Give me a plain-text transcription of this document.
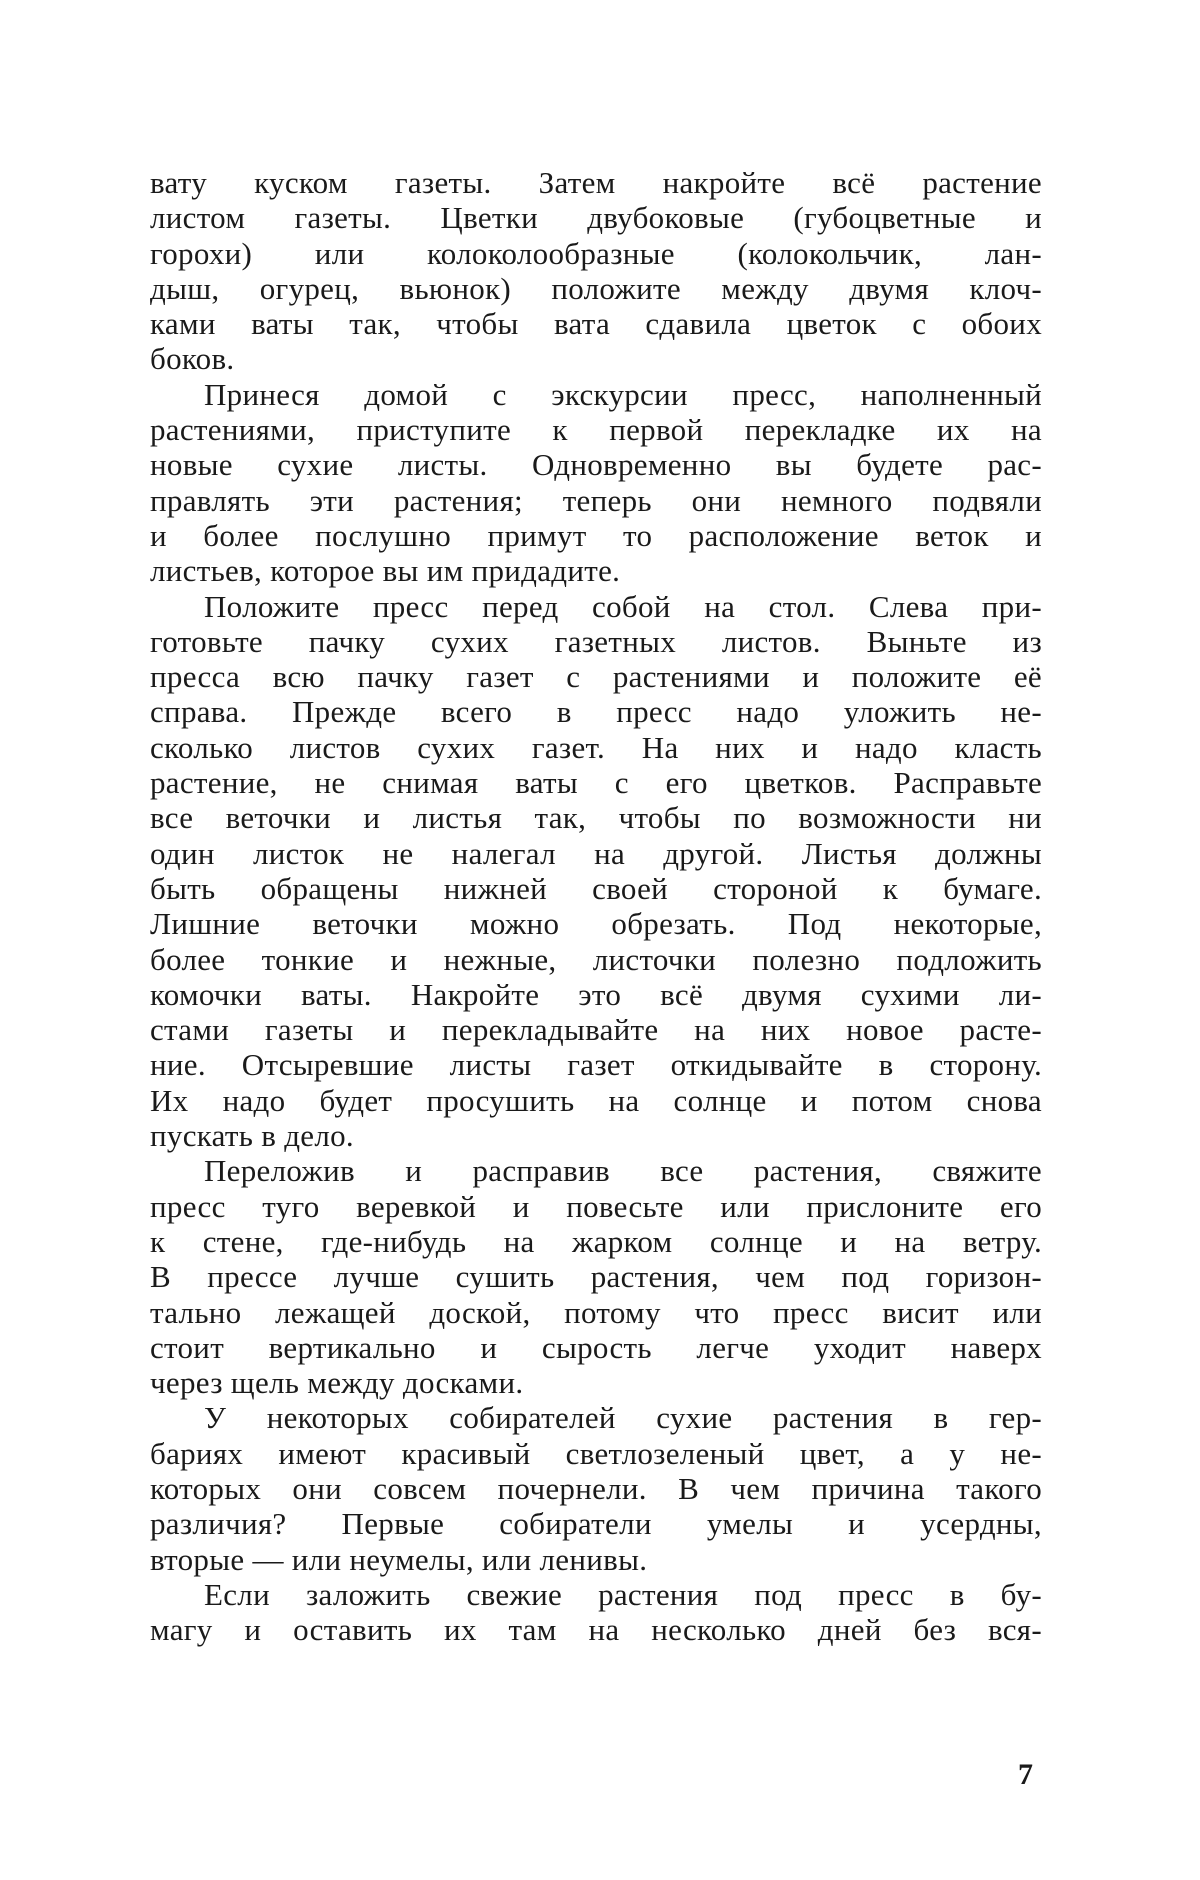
вату куском газеты. Затем накройте всё растение
листом газеты. Цветки двубоковые (губоцветные и
горохи) или колоколообразные (колокольчик, лан-
дыш, огурец, вьюнок) положите между двумя клоч-
ками ваты так, чтобы вата сдавила цветок с обоих
боков.
Принеся домой с экскурсии пресс, наполненный
растениями, приступите к первой перекладке их на
новые сухие листы. Одновременно вы будете рас-
правлять эти растения; теперь они немного подвяли
и более послушно примут то расположение веток и
листьев, которое вы им придадите.
Положите пресс перед собой на стол. Слева при-
готовьте пачку сухих газетных листов. Выньте из
пресса всю пачку газет с растениями и положите её
справа. Прежде всего в пресс надо уложить не-
сколько листов сухих газет. На них и надо класть
растение, не снимая ваты с его цветков. Расправьте
все веточки и листья так, чтобы по возможности ни
один листок не налегал на другой. Листья должны
быть обращены нижней своей стороной к бумаге.
Лишние веточки можно обрезать. Под некоторые,
более тонкие и нежные, листочки полезно подложить
комочки ваты. Накройте это всё двумя сухими ли-
стами газеты и перекладывайте на них новое расте-
ние. Отсыревшие листы газет откидывайте в сторону.
Их надо будет просушить на солнце и потом снова
пускать в дело.
Переложив и расправив все растения, свяжите
пресс туго веревкой и повесьте или прислоните его
к стене, где-нибудь на жарком солнце и на ветру.
В прессе лучше сушить растения, чем под горизон-
тально лежащей доской, потому что пресс висит или
стоит вертикально и сырость легче уходит наверх
через щель между досками.
У некоторых собирателей сухие растения в гер-
бариях имеют красивый светлозеленый цвет, а у не-
которых они совсем почернели. В чем причина такого
различия? Первые собиратели умелы и усердны,
вторые — или неумелы, или ленивы.
Если заложить свежие растения под пресс в бу-
магу и оставить их там на несколько дней без вся-
7
